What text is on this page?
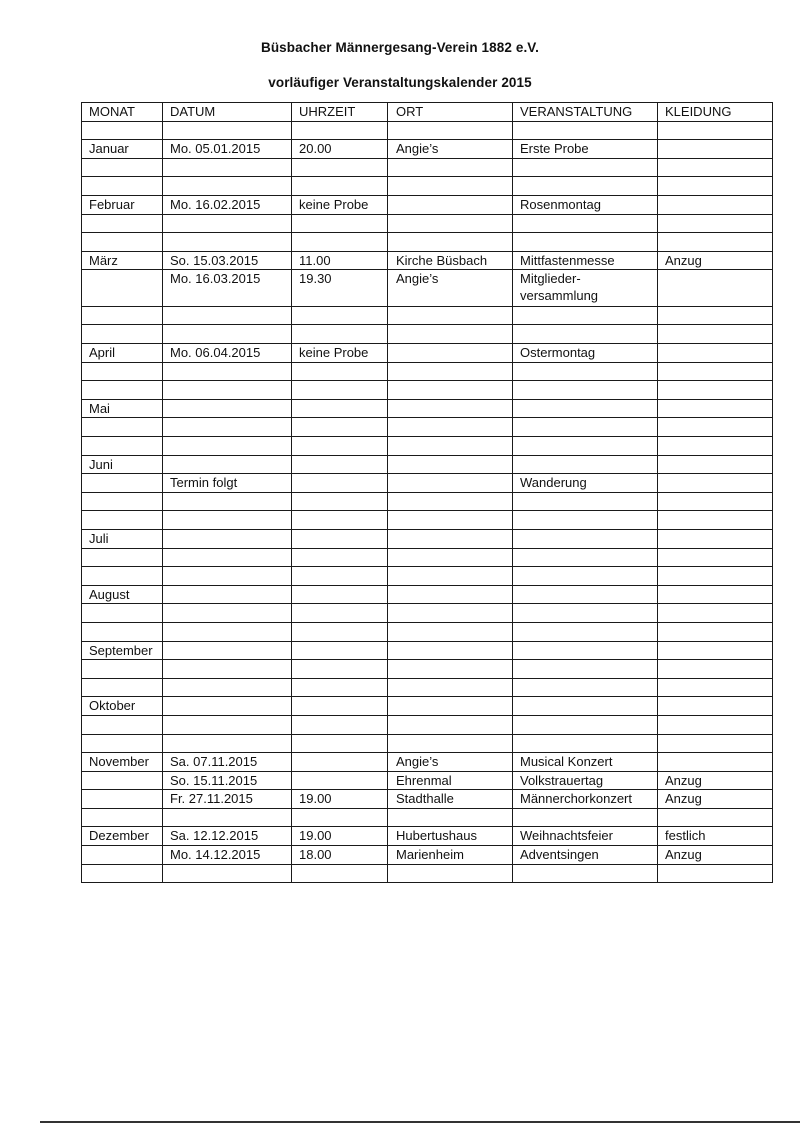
Büsbacher Männergesang-Verein 1882 e.V.
vorläufiger Veranstaltungskalender 2015
MONAT	DATUM	UHRZEIT	ORT	VERANSTALTUNG	KLEIDUNG

Januar	Mo. 05.01.2015	20.00	Angie’s	Erste Probe	

Februar	Mo. 16.02.2015	keine Probe		Rosenmontag	

März	So. 15.03.2015	11.00	Kirche Büsbach	Mittfastenmesse	Anzug
	Mo. 16.03.2015	19.30	Angie’s	Mitglieder-versammlung	

April	Mo. 06.04.2015	keine Probe		Ostermontag	

Mai					

Juni					
	Termin folgt			Wanderung	

Juli					

August					

September					

Oktober					

November	Sa. 07.11.2015		Angie’s	Musical Konzert	
	So. 15.11.2015		Ehrenmal	Volkstrauertag	Anzug
	Fr. 27.11.2015	19.00	Stadthalle	Männerchorkonzert	Anzug

Dezember	Sa. 12.12.2015	19.00	Hubertushaus	Weihnachtsfeier	festlich
	Mo. 14.12.2015	18.00	Marienheim	Adventsingen	Anzug
